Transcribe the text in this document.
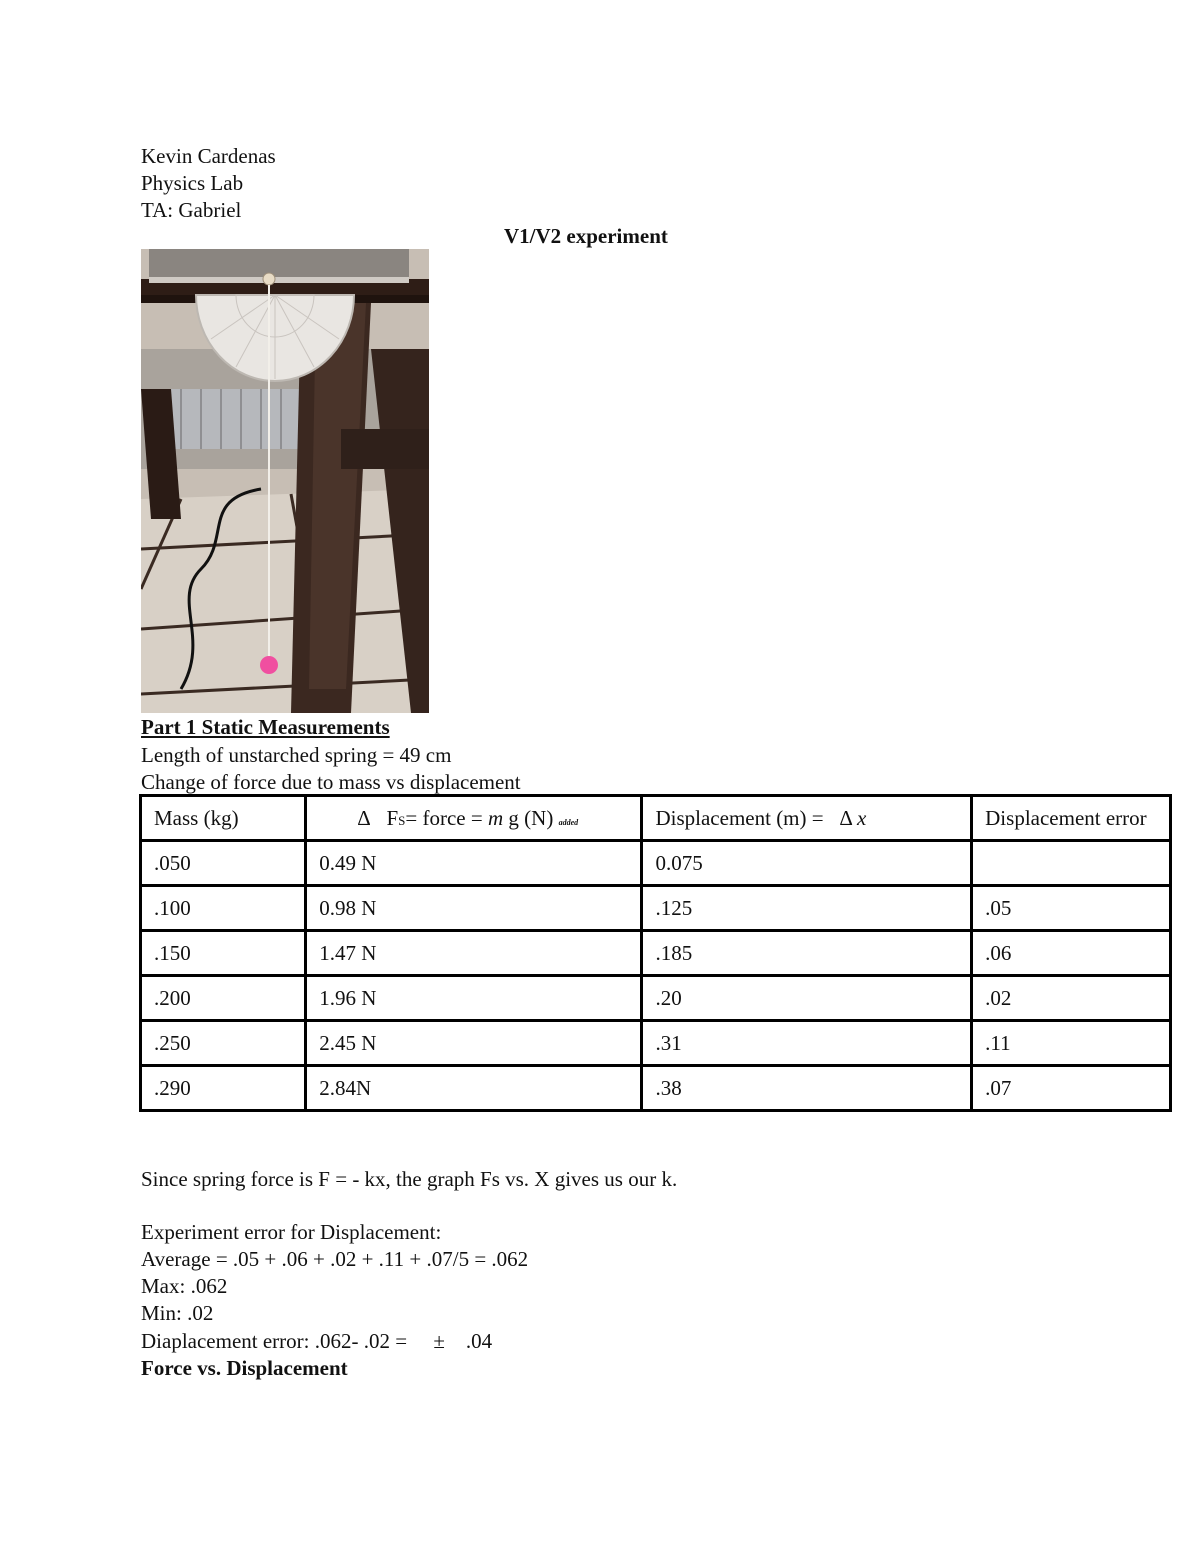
Kevin Cardenas
Physics Lab
TA: Gabriel
V1/V2 experiment
Part 1 Static Measurements
Length of unstarched spring = 49 cm
Change of force due to mass vs displacement
Mass (kg)	Δ FS= force = m g (N) added	Displacement (m) =   Δ x	Displacement error
.050	0.49 N	0.075	
.100	0.98 N	.125	.05
.150	1.47 N	.185	.06
.200	1.96 N	.20	.02
.250	2.45 N	.31	.11
.290	2.84N	.38	.07
Since spring force is F = - kx, the graph Fs vs. X gives us our k.
Experiment error for Displacement:
Average = .05 + .06 + .02 + .11 + .07/5 = .062
Max: .062
Min: .02
Diaplacement error: .062- .02 =     ±    .04
Force vs. Displacement
